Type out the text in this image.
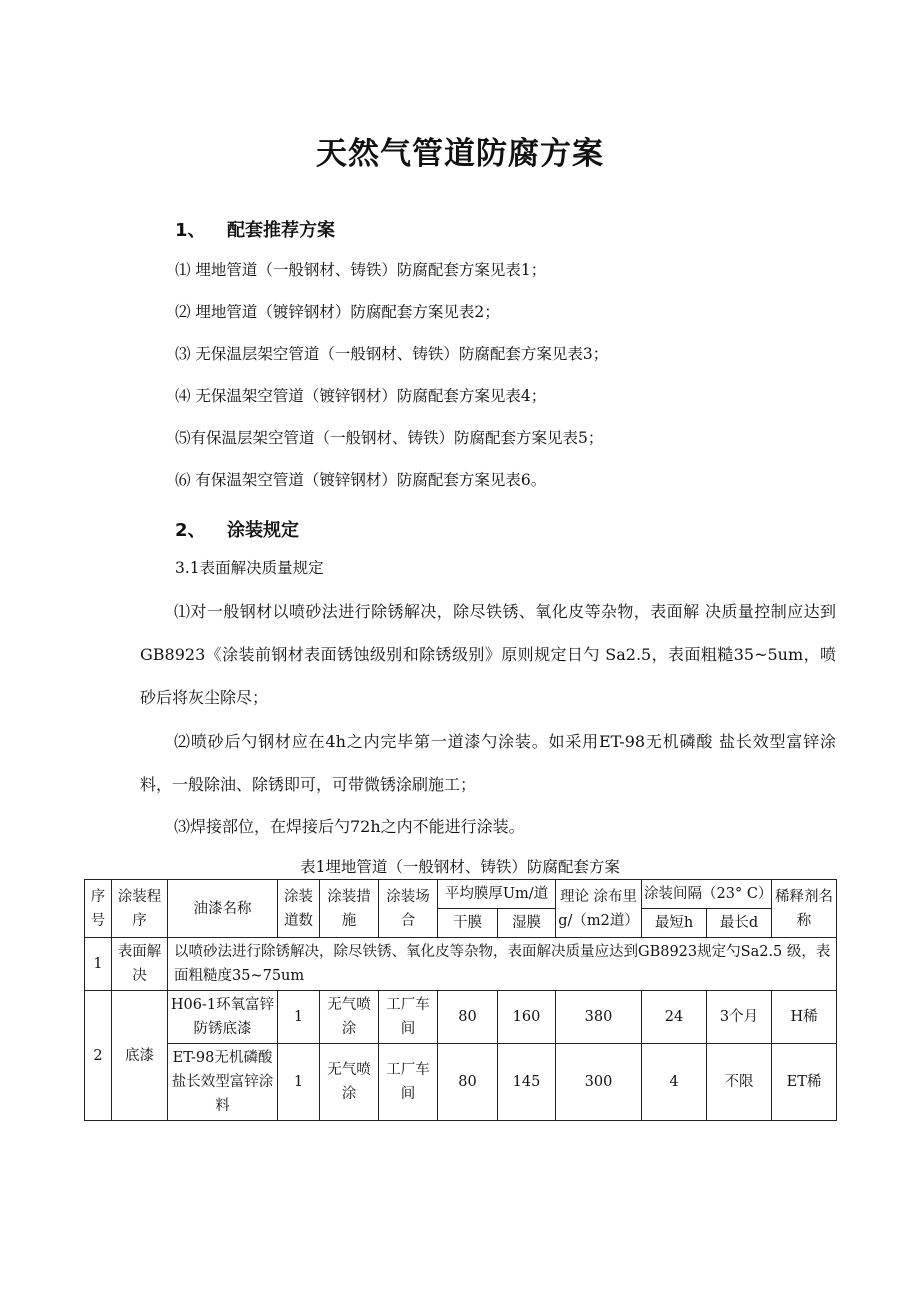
天然气管道防腐方案
1、 配套推荐方案

⑴ 埋地管道（一般钢材、铸铁）防腐配套方案见表1；

⑵ 埋地管道（镀锌钢材）防腐配套方案见表2；

⑶ 无保温层架空管道（一般钢材、铸铁）防腐配套方案见表3；

⑷ 无保温架空管道（镀锌钢材）防腐配套方案见表4；

⑸有保温层架空管道（一般钢材、铸铁）防腐配套方案见表5；

⑹ 有保温架空管道（镀锌钢材）防腐配套方案见表6。

2、 涂装规定

3.1表面解决质量规定

⑴对一般钢材以喷砂法进行除锈解决，除尽铁锈、氧化皮等杂物，表面解 决质量控制应达到GB8923《涂装前钢材表面锈蚀级别和除锈级别》原则规定日勺 Sa2.5，表面粗糙35~5um，喷砂后将灰尘除尽；

⑵喷砂后勺钢材应在4h之内完毕第一道漆勺涂装。如采用ET-98无机磷酸 盐长效型富锌涂料，一般除油、除锈即可，可带微锈涂刷施工；

⑶焊接部位，在焊接后勺72h之内不能进行涂装。

表1埋地管道（一般钢材、铸铁）防腐配套方案

序号	涂装程序	油漆名称	涂装道数	涂装措施	涂装场合	平均膜厚Um/道		理论 涂布里 g/（m2道）	涂装间隔（23° C）		稀释剂名称
						干膜	湿膜		最短h	最长d	
1	表面解决	以喷砂法进行除锈解决，除尽铁锈、氧化皮等杂物，表面解决质量应达到GB8923规定勺Sa2.5 级，表面粗糙度35~75um									
2	底漆	H06-1环氧富锌防锈底漆	1	无气喷涂	工厂车间	80	160	380	24	3个月	H稀
		ET-98无机磷酸盐长效型富锌涂料	1	无气喷涂	工厂车间	80	145	300	4	不限	ET稀
